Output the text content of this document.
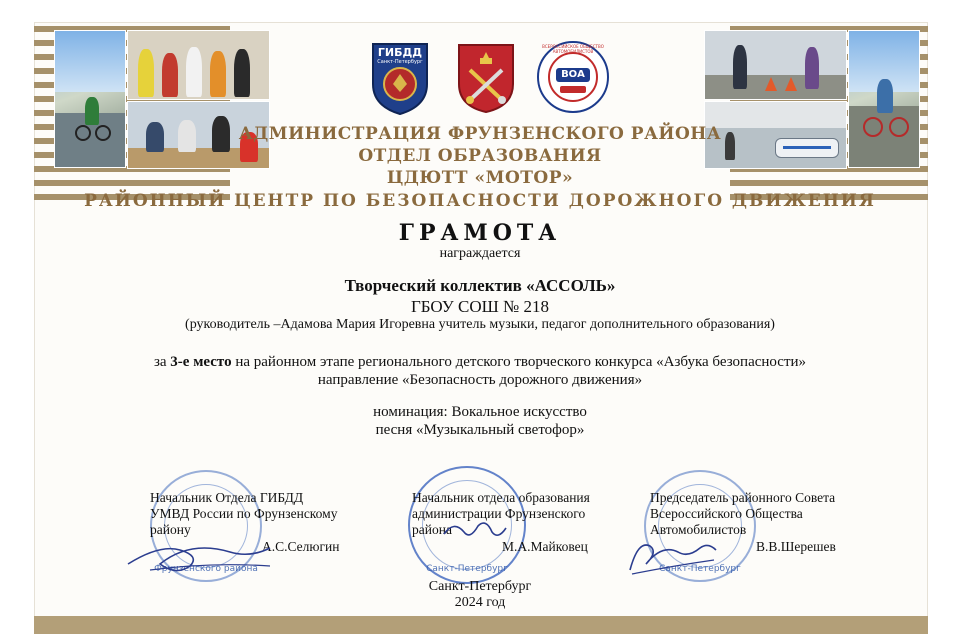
ГИБДД
Санкт-Петербург
ВОА
ВСЕРОССИЙСКОЕ ОБЩЕСТВО АВТОМОБИЛИСТОВ
АДМИНИСТРАЦИЯ ФРУНЗЕНСКОГО РАЙОНА
ОТДЕЛ ОБРАЗОВАНИЯ
ЦДЮТТ «МОТОР»
РАЙОННЫЙ ЦЕНТР ПО БЕЗОПАСНОСТИ ДОРОЖНОГО ДВИЖЕНИЯ
ГРАМОТА
награждается
Творческий коллектив «АССОЛЬ»
ГБОУ СОШ № 218
(руководитель –Адамова Мария Игоревна учитель музыки, педагог дополнительного образования)
за 3-е место на районном этапе регионального детского творческого конкурса «Азбука безопасности»
направление «Безопасность дорожного движения»
номинация: Вокальное искусство
песня «Музыкальный светофор»
Фрунзенского района	Санкт-Петербург	Санкт-Петербург
Начальник Отдела ГИБДД
УМВД России по Фрунзенскому
району
А.С.Селюгин
Начальник отдела образования
администрации Фрунзенского
района
М.А.Майковец
Председатель районного Совета
Всероссийского Общества
Автомобилистов
В.В.Шерешев
Санкт-Петербург
2024 год
